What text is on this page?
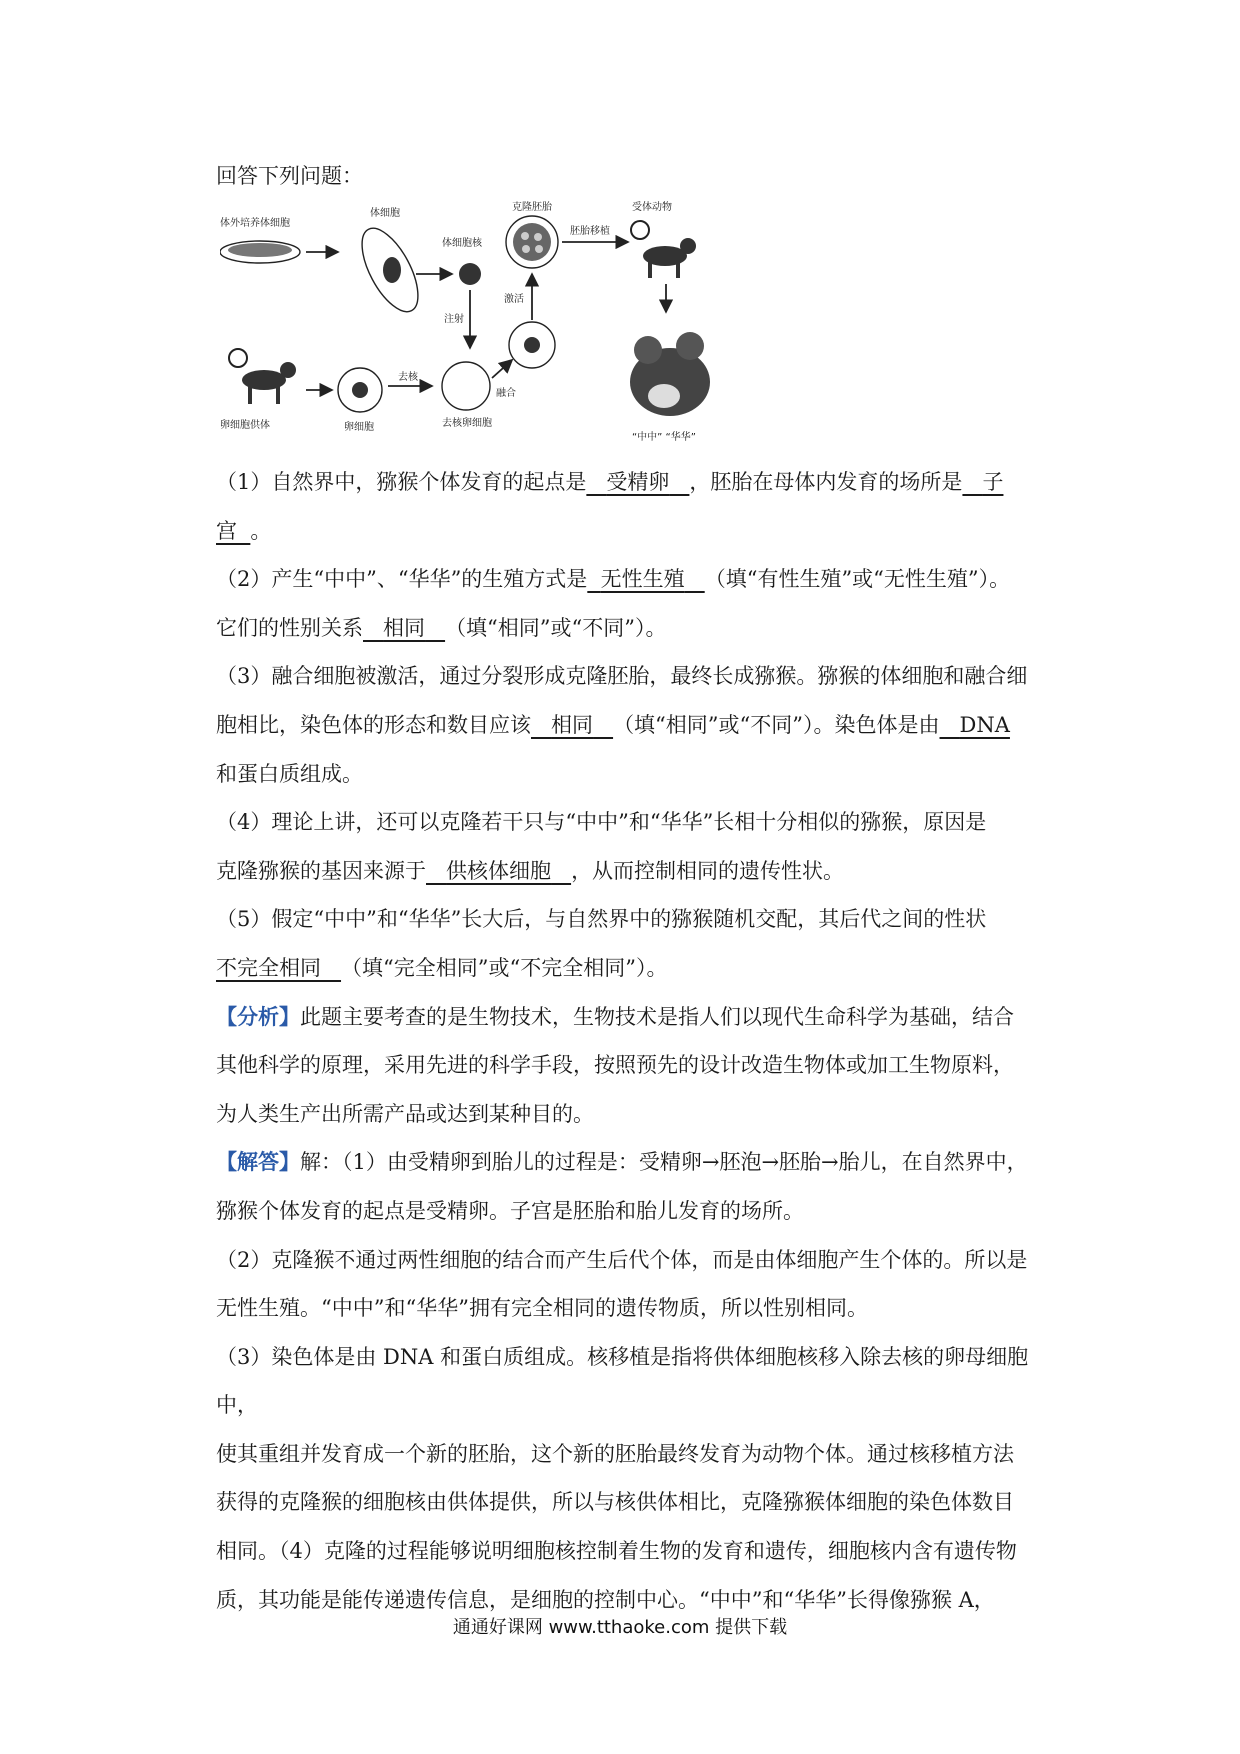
回答下列问题：
体外培养体细胞
体细胞
体细胞核
注射
克隆胚胎
胚胎移植
受体动物
激活
卵细胞供体	卵细胞
去核
去核卵细胞
融合
“中中” “华华”

（1）自然界中，猕猴个体发育的起点是 受精卵 ，胚胎在母体内发育的场所是 子

宫 。

（2）产生“中中”、“华华”的生殖方式是 无性生殖 （填“有性生殖”或“无性生殖”）。

它们的性别关系 相同 （填“相同”或“不同”）。

（3）融合细胞被激活，通过分裂形成克隆胚胎，最终长成猕猴。猕猴的体细胞和融合细

胞相比，染色体的形态和数目应该 相同 （填“相同”或“不同”）。染色体是由 DNA

和蛋白质组成。

（4）理论上讲，还可以克隆若干只与“中中”和“华华”长相十分相似的猕猴，原因是

克隆猕猴的基因来源于 供核体细胞 ，从而控制相同的遗传性状。

（5）假定“中中”和“华华”长大后，与自然界中的猕猴随机交配，其后代之间的性状

不完全相同 （填“完全相同”或“不完全相同”）。

【分析】此题主要考查的是生物技术，生物技术是指人们以现代生命科学为基础，结合

其他科学的原理，采用先进的科学手段，按照预先的设计改造生物体或加工生物原料，

为人类生产出所需产品或达到某种目的。

【解答】解：（1）由受精卵到胎儿的过程是：受精卵→胚泡→胚胎→胎儿，在自然界中，

猕猴个体发育的起点是受精卵。子宫是胚胎和胎儿发育的场所。

（2）克隆猴不通过两性细胞的结合而产生后代个体，而是由体细胞产生个体的。所以是

无性生殖。“中中”和“华华”拥有完全相同的遗传物质，所以性别相同。

（3）染色体是由 DNA 和蛋白质组成。核移植是指将供体细胞核移入除去核的卵母细胞中，

使其重组并发育成一个新的胚胎，这个新的胚胎最终发育为动物个体。通过核移植方法

获得的克隆猴的细胞核由供体提供，所以与核供体相比，克隆猕猴体细胞的染色体数目

相同。（4）克隆的过程能够说明细胞核控制着生物的发育和遗传，细胞核内含有遗传物

质，其功能是能传递遗传信息，是细胞的控制中心。“中中”和“华华”长得像猕猴 A，

通通好课网 www.tthaoke.com 提供下载
